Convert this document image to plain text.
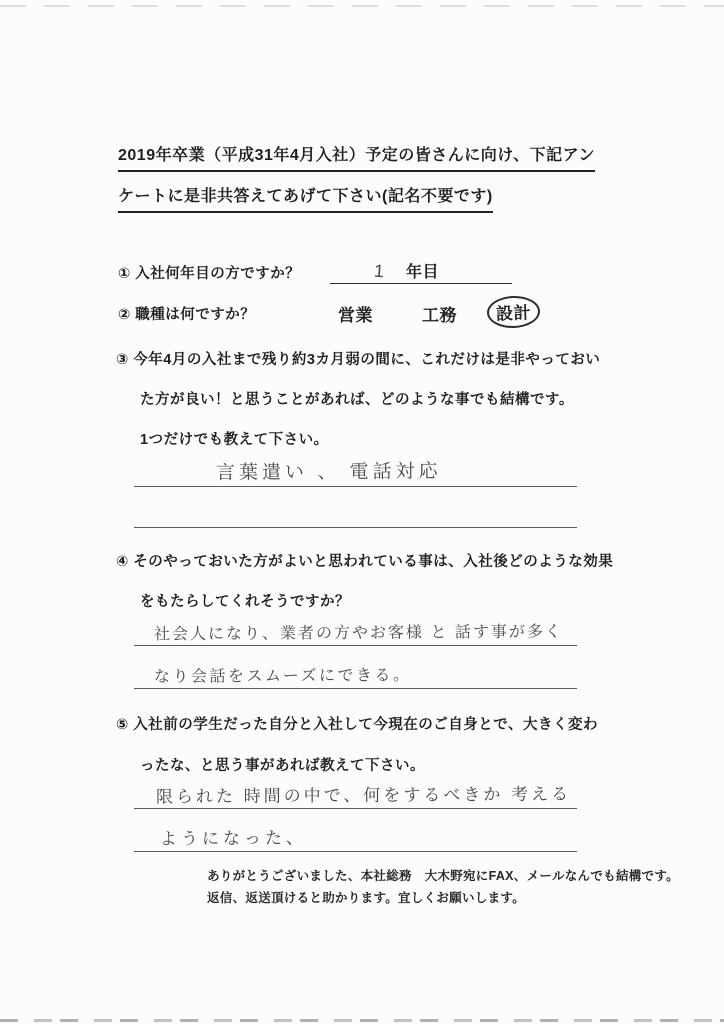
2019年卒業（平成31年4月入社）予定の皆さんに向け、下記アン
ケートに是非共答えてあげて下さい(記名不要です)
① 入社何年目の方ですか？	1 年目
② 職種は何ですか？	営業	工務	設計
③ 今年4月の入社まで残り約3カ月弱の間に、これだけは是非やっておい
た方が良い！と思うことがあれば、どのような事でも結構です。
1つだけでも教えて下さい。
言葉遣い 、 電話対応
④ そのやっておいた方がよいと思われている事は、入社後どのような効果
をもたらしてくれそうですか？
社会人になり、業者の方やお客様 と 話す事が多く
なり会話をスムーズにできる。
⑤ 入社前の学生だった自分と入社して今現在のご自身とで、大きく変わ
ったな、と思う事があれば教えて下さい。
限られた 時間の中で、何をするべきか 考える
ようになった、
ありがとうございました、本社総務　大木野宛にFAX、メールなんでも結構です。
返信、返送頂けると助かります。宜しくお願いします。
